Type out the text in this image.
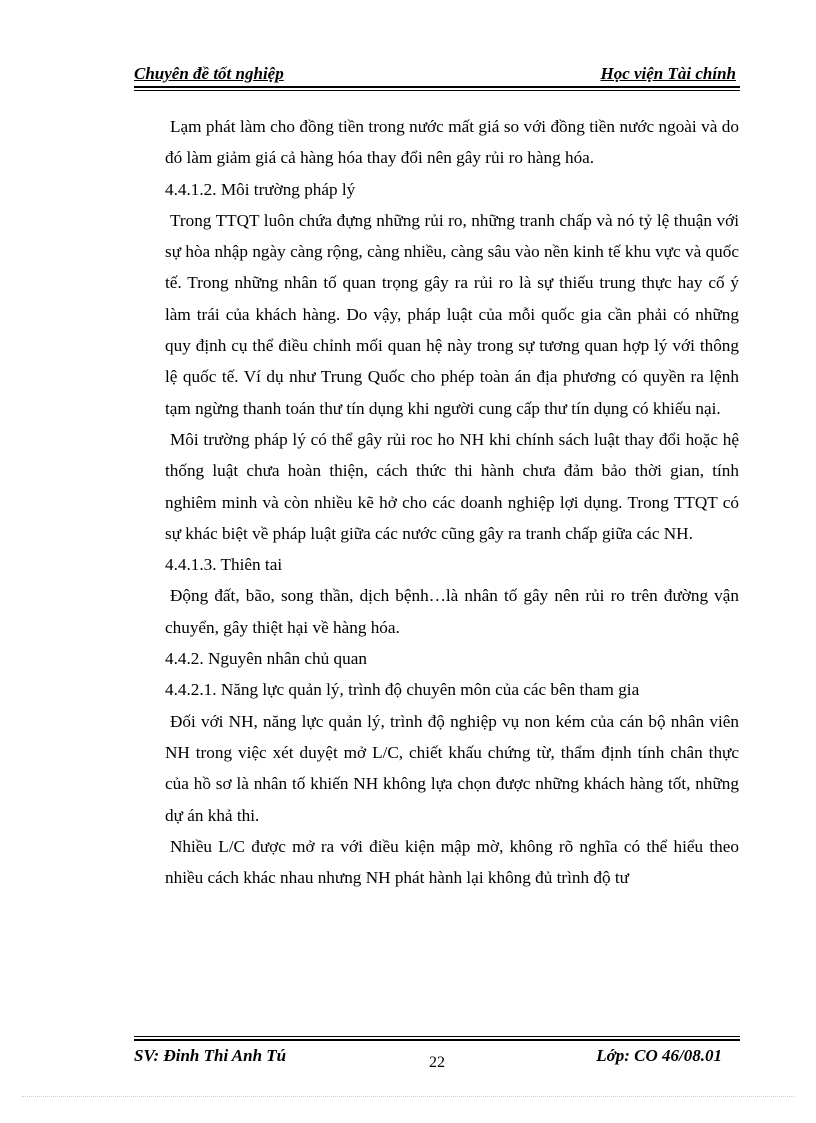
Chuyên đề tốt nghiệp	Học viện Tài chính

Lạm phát làm cho đồng tiền trong nước mất giá so với đồng tiền nước ngoài và do đó làm giảm giá cả hàng hóa thay đổi nên gây rủi ro hàng hóa.

4.4.1.2. Môi trường pháp lý

Trong TTQT luôn chứa đựng những rủi ro, những tranh chấp và nó tỷ lệ thuận với sự hòa nhập ngày càng rộng, càng nhiều, càng sâu vào nền kinh tế khu vực và quốc tế. Trong những nhân tố quan trọng gây ra rủi ro là sự thiếu trung thực hay cố ý làm trái của khách hàng. Do vậy, pháp luật của mỗi quốc gia cần phải có những quy định cụ thể điều chỉnh mối quan hệ này trong sự tương quan hợp lý với thông lệ quốc tế. Ví dụ như Trung Quốc cho phép toàn án địa phương có quyền ra lệnh tạm ngừng thanh toán thư tín dụng khi người cung cấp thư tín dụng có khiếu nại.

Môi trường pháp lý có thể gây rủi roc ho NH khi chính sách luật thay đổi hoặc hệ thống luật chưa hoàn thiện, cách thức thi hành chưa đảm bảo thời gian, tính nghiêm minh và còn nhiều kẽ hở cho các doanh nghiệp lợi dụng. Trong TTQT có sự khác biệt về pháp luật giữa các nước cũng gây ra tranh chấp giữa các NH.

4.4.1.3. Thiên tai

Động đất, bão, song thần, dịch bệnh…là nhân tố gây nên rủi ro trên đường vận chuyển, gây thiệt hại về hàng hóa.

4.4.2. Nguyên nhân chủ quan

4.4.2.1. Năng lực quản lý, trình độ chuyên môn của các bên tham gia

Đối với NH, năng lực quản lý, trình độ nghiệp vụ non kém của cán bộ nhân viên NH trong việc xét duyệt mở L/C, chiết khấu chứng từ, thẩm định tính chân thực của hồ sơ là nhân tố khiến NH không lựa chọn được những khách hàng tốt, những dự án khả thi.

Nhiều L/C được mở ra với điều kiện mập mờ, không rõ nghĩa có thể hiểu theo nhiều cách khác nhau nhưng NH phát hành lại không đủ trình độ tư

SV: Đinh Thi Anh Tú	22	Lớp: CO 46/08.01
